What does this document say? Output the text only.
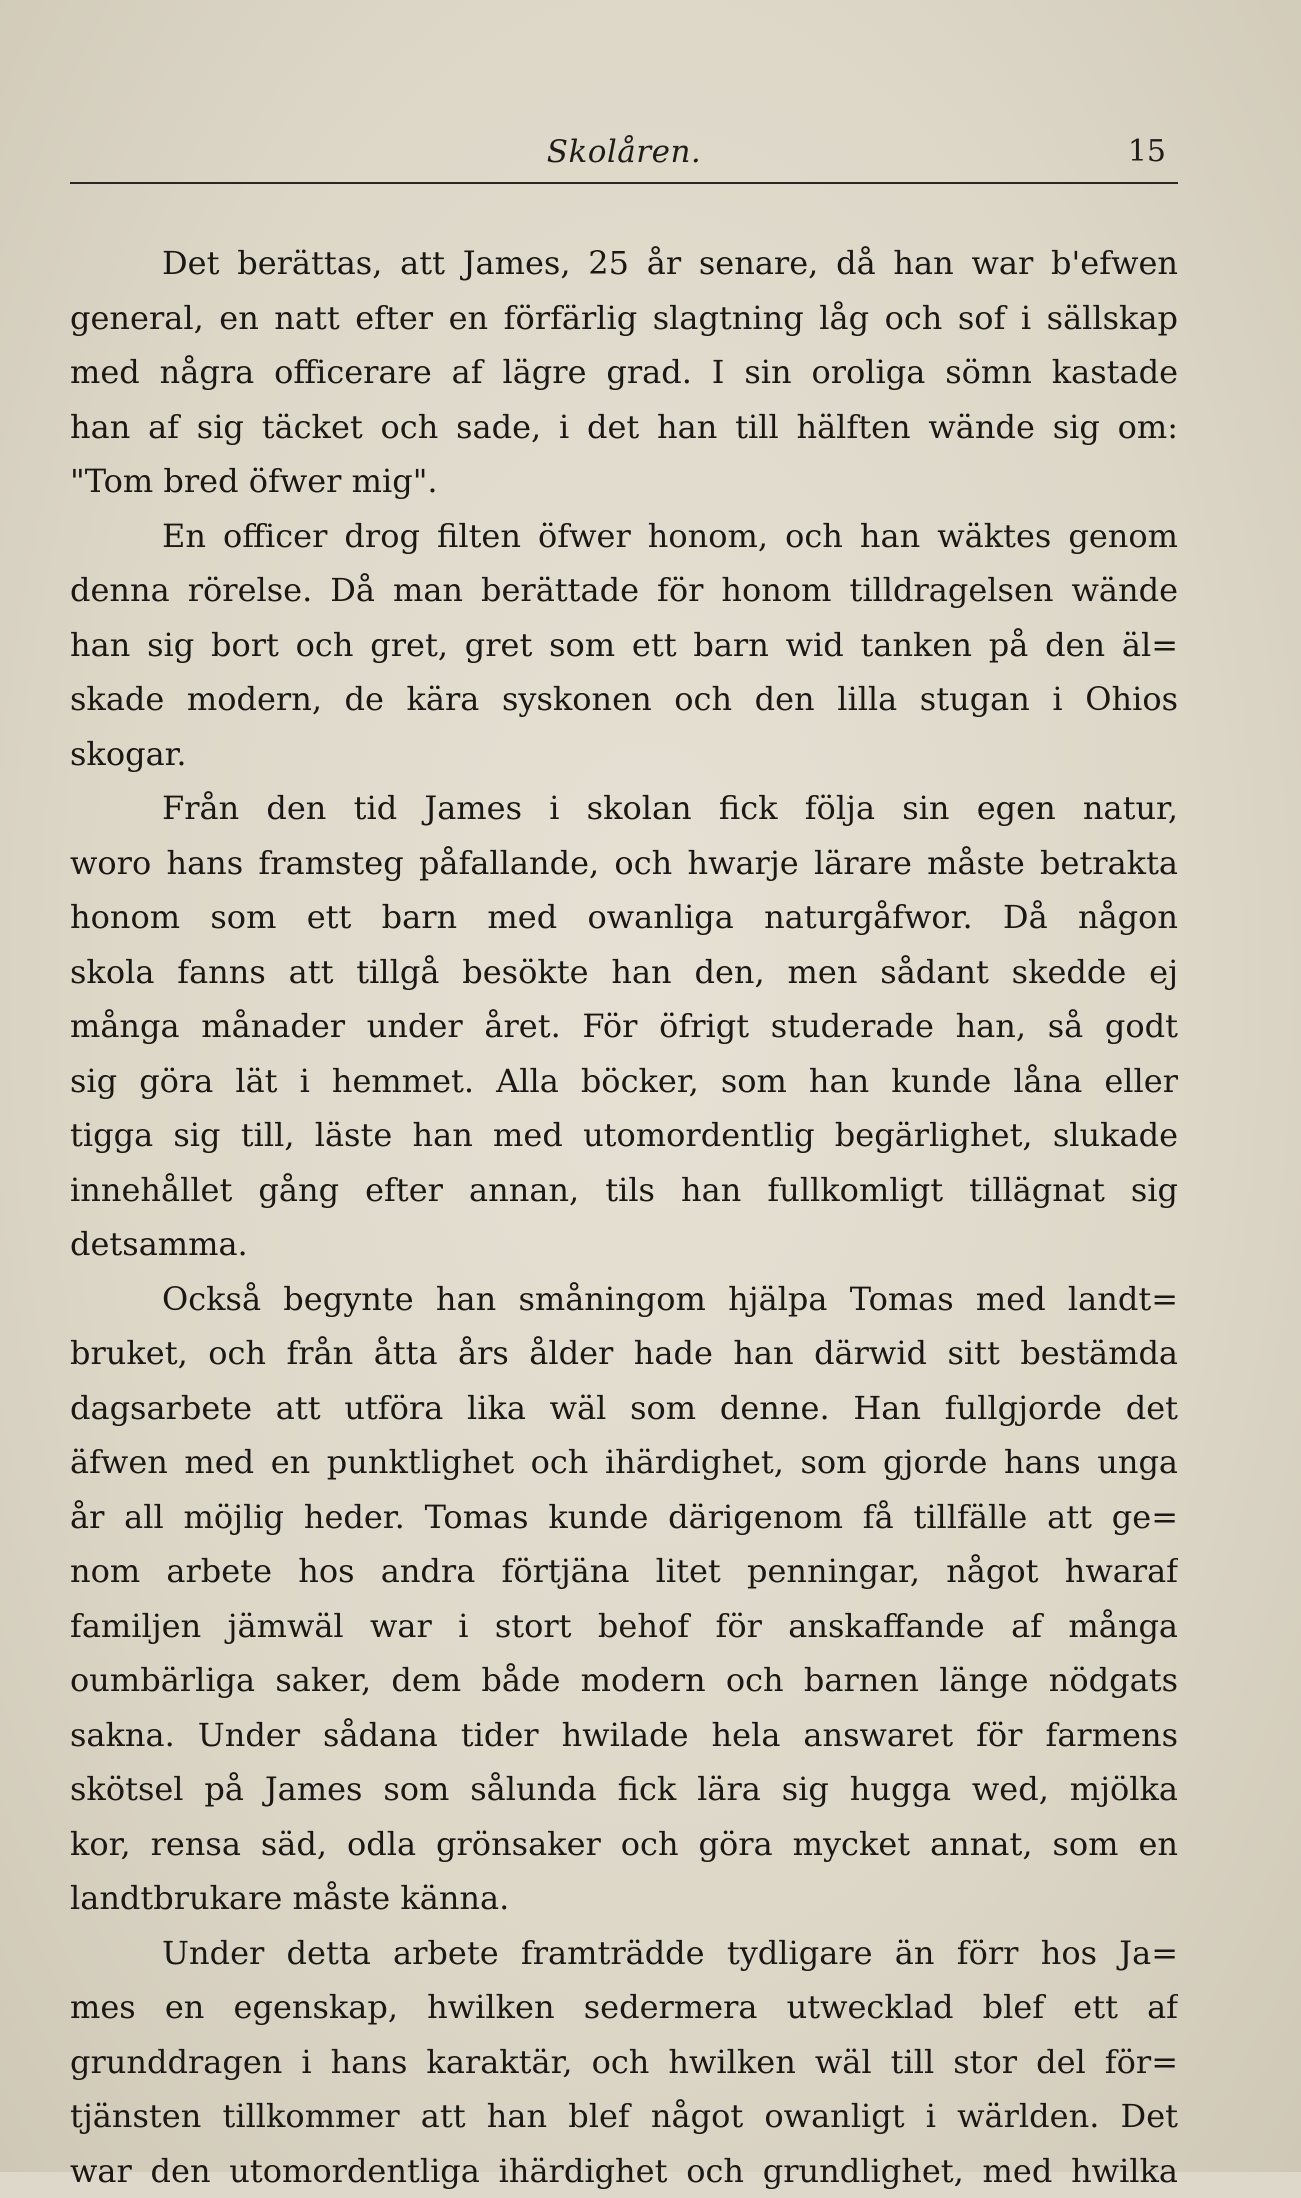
Skolåren.	15
Det berättas, att James, 25 år senare, då han war b'efwen
general, en natt efter en förfärlig slagtning låg och sof i sällskap
med några officerare af lägre grad. I sin oroliga sömn kastade
han af sig täcket och sade, i det han till hälften wände sig om:
"Tom bred öfwer mig".
En officer drog filten öfwer honom, och han wäktes genom
denna rörelse. Då man berättade för honom tilldragelsen wände
han sig bort och gret, gret som ett barn wid tanken på den äl=
skade modern, de kära syskonen och den lilla stugan i Ohios
skogar.
Från den tid James i skolan fick följa sin egen natur,
woro hans framsteg påfallande, och hwarje lärare måste betrakta
honom som ett barn med owanliga naturgåfwor. Då någon
skola fanns att tillgå besökte han den, men sådant skedde ej
många månader under året. För öfrigt studerade han, så godt
sig göra lät i hemmet. Alla böcker, som han kunde låna eller
tigga sig till, läste han med utomordentlig begärlighet, slukade
innehållet gång efter annan, tils han fullkomligt tillägnat sig
detsamma.
Också begynte han småningom hjälpa Tomas med landt=
bruket, och från åtta års ålder hade han därwid sitt bestämda
dagsarbete att utföra lika wäl som denne. Han fullgjorde det
äfwen med en punktlighet och ihärdighet, som gjorde hans unga
år all möjlig heder. Tomas kunde därigenom få tillfälle att ge=
nom arbete hos andra förtjäna litet penningar, något hwaraf
familjen jämwäl war i stort behof för anskaffande af många
oumbärliga saker, dem både modern och barnen länge nödgats
sakna. Under sådana tider hwilade hela answaret för farmens
skötsel på James som sålunda fick lära sig hugga wed, mjölka
kor, rensa säd, odla grönsaker och göra mycket annat, som en
landtbrukare måste känna.
Under detta arbete framträdde tydligare än förr hos Ja=
mes en egenskap, hwilken sedermera utwecklad blef ett af
grunddragen i hans karaktär, och hwilken wäl till stor del för=
tjänsten tillkommer att han blef något owanligt i wärlden. Det
war den utomordentliga ihärdighet och grundlighet, med hwilka
